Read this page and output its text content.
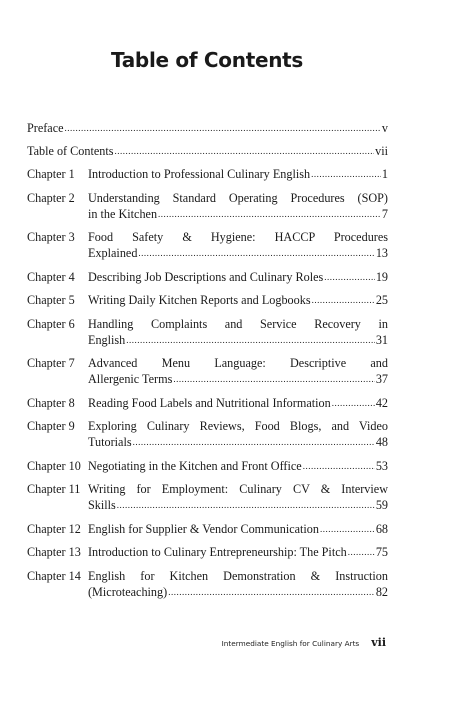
Table of Contents
Preface .....	v
Table of Contents .....	vii
Chapter 1	Introduction to Professional Culinary English .....	1
Chapter 2	Understanding Standard Operating Procedures (SOP)
in the Kitchen .....	7
Chapter 3	Food Safety & Hygiene: HACCP Procedures
Explained .....	13
Chapter 4	Describing Job Descriptions and Culinary Roles .....	19
Chapter 5	Writing Daily Kitchen Reports and Logbooks .....	25
Chapter 6	Handling Complaints and Service Recovery in
English .....	31
Chapter 7	Advanced Menu Language: Descriptive and
Allergenic Terms .....	37
Chapter 8	Reading Food Labels and Nutritional Information .....	42
Chapter 9	Exploring Culinary Reviews, Food Blogs, and Video
Tutorials .....	48
Chapter 10 Negotiating in the Kitchen and Front Office .....	53
Chapter 11 Writing for Employment: Culinary CV & Interview
Skills .....	59
Chapter 12 English for Supplier & Vendor Communication .....	68
Chapter 13 Introduction to Culinary Entrepreneurship: The Pitch ..... 75
Chapter 14 English for Kitchen Demonstration & Instruction
(Microteaching) .....	82
Intermediate English for Culinary Arts vii
